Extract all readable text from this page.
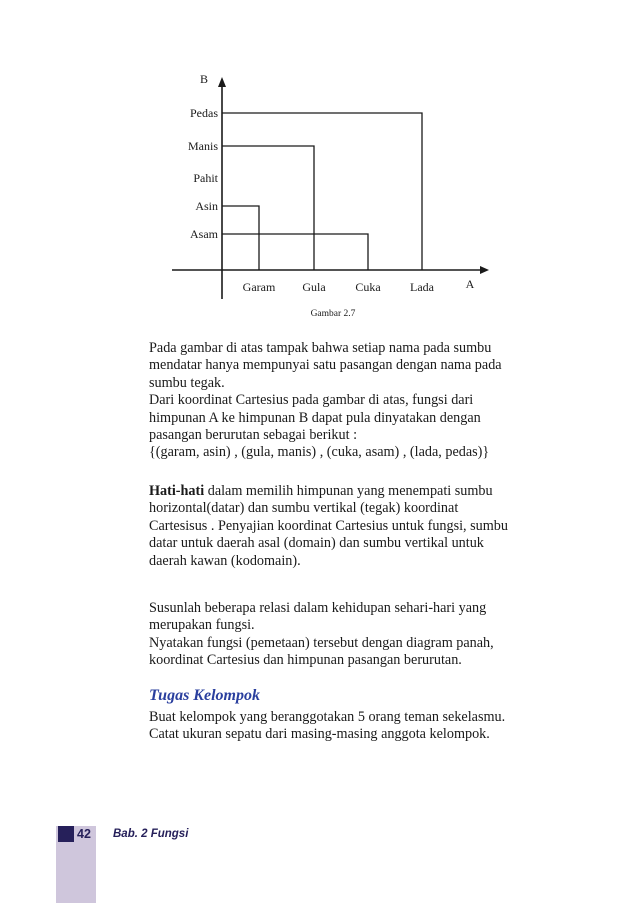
B
A
Garam Gula Cuka Lada
Asam
Asin
Pahit
Manis
Pedas
Gambar 2.7

Pada gambar di atas tampak bahwa setiap nama pada sumbu

mendatar hanya mempunyai satu pasangan dengan nama pada

sumbu tegak.

Dari koordinat Cartesius pada gambar di atas, fungsi dari

himpunan A ke himpunan B dapat pula dinyatakan dengan

pasangan berurutan sebagai berikut :

{(garam, asin) , (gula, manis) , (cuka, asam) , (lada, pedas)}

Hati-hati dalam memilih himpunan yang menempati sumbu

horizontal(datar) dan sumbu vertikal (tegak) koordinat

Cartesisus . Penyajian koordinat Cartesius untuk fungsi, sumbu

datar untuk daerah asal (domain) dan sumbu vertikal untuk

daerah kawan (kodomain).

Susunlah beberapa relasi dalam kehidupan sehari-hari yang

merupakan fungsi.

Nyatakan fungsi (pemetaan) tersebut dengan diagram panah,

koordinat Cartesius dan himpunan pasangan berurutan.

Tugas Kelompok

Buat kelompok yang beranggotakan 5 orang teman sekelasmu.

Catat ukuran sepatu dari masing-masing anggota kelompok.

42 Bab. 2 Fungsi
